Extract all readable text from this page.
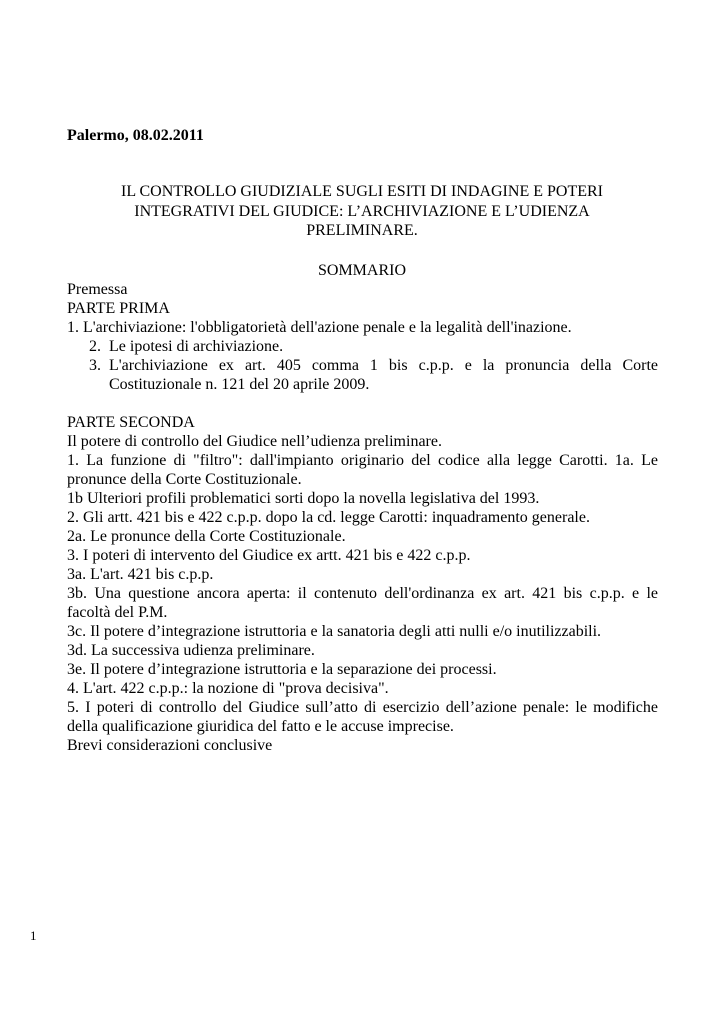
Palermo, 08.02.2011
IL CONTROLLO GIUDIZIALE SUGLI ESITI DI INDAGINE E POTERI
INTEGRATIVI DEL GIUDICE: L’ARCHIVIAZIONE E L’UDIENZA
PRELIMINARE.
SOMMARIO
Premessa
PARTE PRIMA
1. L'archiviazione: l'obbligatorietà dell'azione penale e la legalità dell'inazione.
2. Le ipotesi di archiviazione.
3. L'archiviazione ex art. 405 comma 1 bis c.p.p. e la pronuncia della Corte Costituzionale n. 121 del 20 aprile 2009.
PARTE SECONDA
Il potere di controllo del Giudice nell’udienza preliminare.
1. La funzione di "filtro": dall'impianto originario del codice alla legge Carotti. 1a. Le pronunce della Corte Costituzionale.
1b Ulteriori profili problematici sorti dopo la novella legislativa del 1993.
2. Gli artt. 421 bis e 422 c.p.p. dopo la cd. legge Carotti: inquadramento generale.
2a. Le pronunce della Corte Costituzionale.
3. I poteri di intervento del Giudice ex artt. 421 bis e 422 c.p.p.
3a. L'art. 421 bis c.p.p.
3b. Una questione ancora aperta: il contenuto dell'ordinanza ex art. 421 bis c.p.p. e le facoltà del P.M.
3c. Il potere d’integrazione istruttoria e la sanatoria degli atti nulli e/o inutilizzabili.
3d. La successiva udienza preliminare.
3e. Il potere d’integrazione istruttoria e la separazione dei processi.
4. L'art. 422 c.p.p.: la nozione di "prova decisiva".
5. I poteri di controllo del Giudice sull’atto di esercizio dell’azione penale: le modifiche della qualificazione giuridica del fatto e le accuse imprecise.
Brevi considerazioni conclusive
1
